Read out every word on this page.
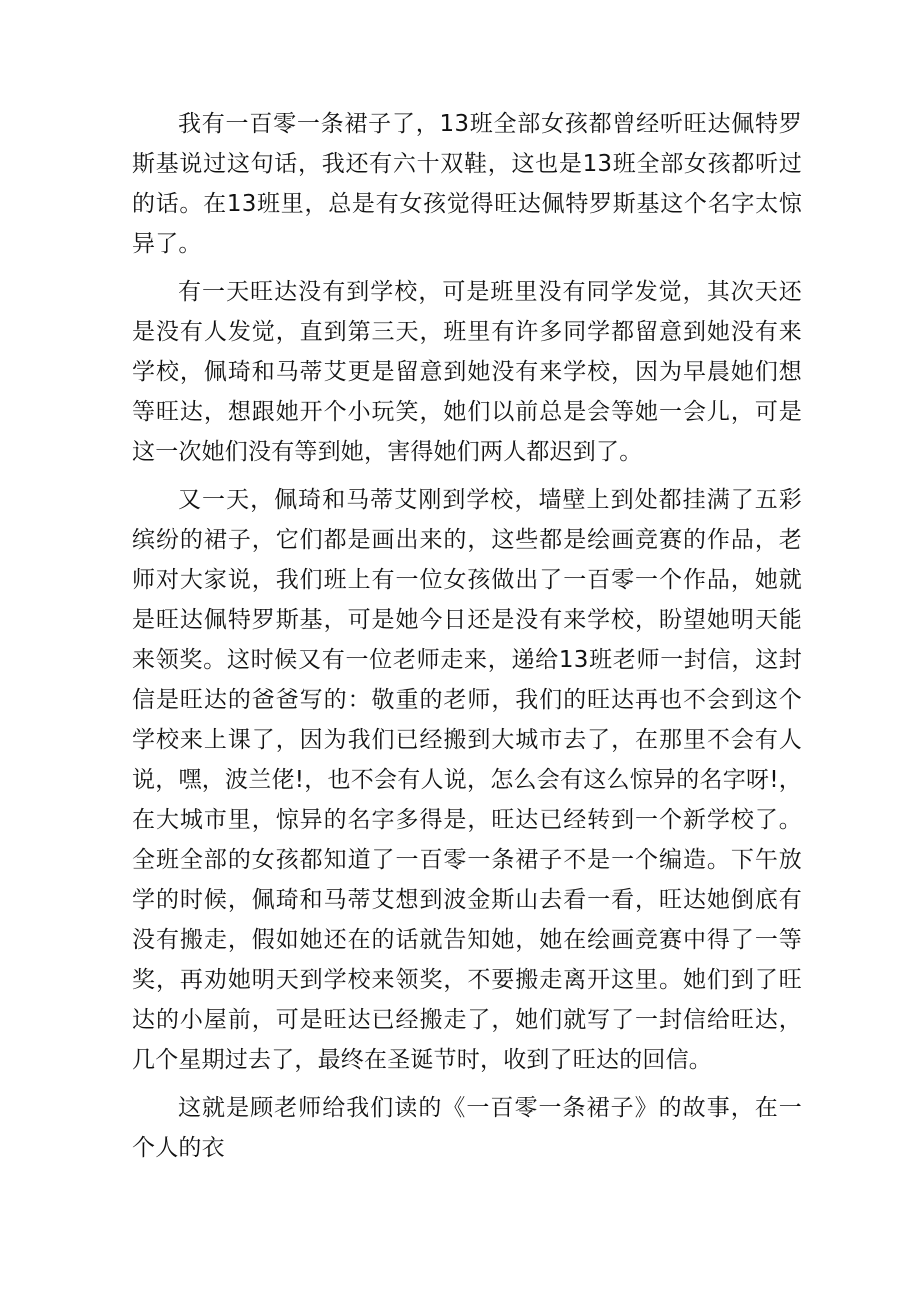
我有一百零一条裙子了，13班全部女孩都曾经听旺达佩特罗斯基说过这句话，我还有六十双鞋，这也是13班全部女孩都听过的话。在13班里，总是有女孩觉得旺达佩特罗斯基这个名字太惊异了。

有一天旺达没有到学校，可是班里没有同学发觉，其次天还是没有人发觉，直到第三天，班里有许多同学都留意到她没有来学校，佩琦和马蒂艾更是留意到她没有来学校，因为早晨她们想等旺达，想跟她开个小玩笑，她们以前总是会等她一会儿，可是这一次她们没有等到她，害得她们两人都迟到了。

又一天，佩琦和马蒂艾刚到学校，墙壁上到处都挂满了五彩缤纷的裙子，它们都是画出来的，这些都是绘画竞赛的作品，老师对大家说，我们班上有一位女孩做出了一百零一个作品，她就是旺达佩特罗斯基，可是她今日还是没有来学校，盼望她明天能来领奖。这时候又有一位老师走来，递给13班老师一封信，这封信是旺达的爸爸写的：敬重的老师，我们的旺达再也不会到这个学校来上课了，因为我们已经搬到大城市去了，在那里不会有人说，嘿，波兰佬!，也不会有人说，怎么会有这么惊异的名字呀!，在大城市里，惊异的名字多得是，旺达已经转到一个新学校了。全班全部的女孩都知道了一百零一条裙子不是一个编造。下午放学的时候，佩琦和马蒂艾想到波金斯山去看一看，旺达她倒底有没有搬走，假如她还在的话就告知她，她在绘画竞赛中得了一等奖，再劝她明天到学校来领奖，不要搬走离开这里。她们到了旺达的小屋前，可是旺达已经搬走了，她们就写了一封信给旺达，几个星期过去了，最终在圣诞节时，收到了旺达的回信。

这就是顾老师给我们读的《一百零一条裙子》的故事，在一个人的衣
